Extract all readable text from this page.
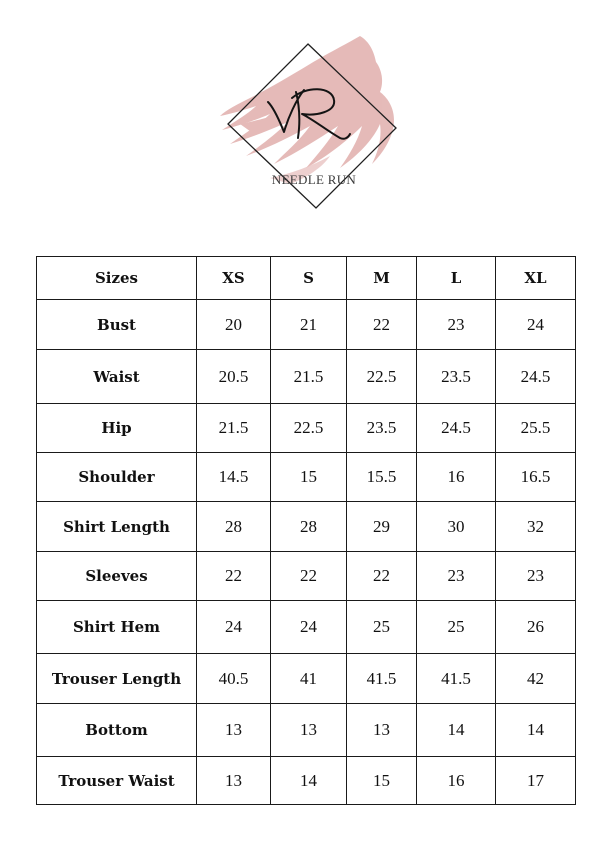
NEEDLE RUN
Sizes	XS	S	M	L	XL
Bust	20	21	22	23	24
Waist	20.5	21.5	22.5	23.5	24.5
Hip	21.5	22.5	23.5	24.5	25.5
Shoulder	14.5	15	15.5	16	16.5
Shirt Length	28	28	29	30	32
Sleeves	22	22	22	23	23
Shirt Hem	24	24	25	25	26
Trouser Length	40.5	41	41.5	41.5	42
Bottom	13	13	13	14	14
Trouser Waist	13	14	15	16	17
